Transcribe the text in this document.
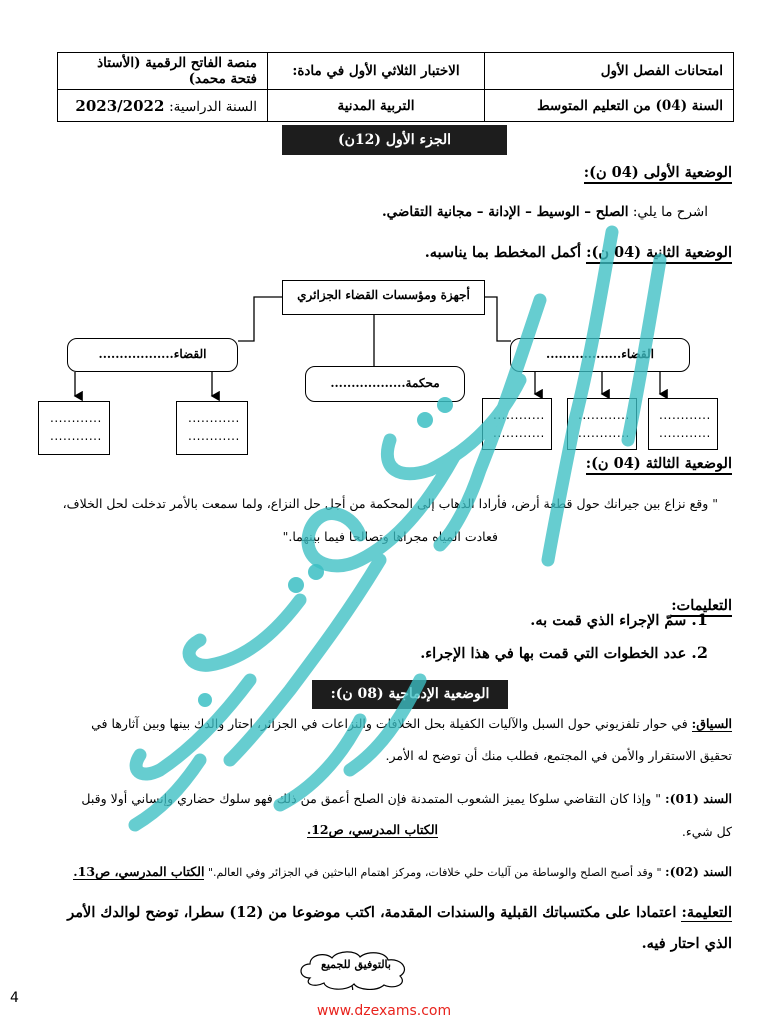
امتحانات الفصل الأول	الاختبار الثلاثي الأول في مادة:	منصة الفاتح الرقمية (الأستاذ فتحة محمد)
السنة (04) من التعليم المتوسط	التربية المدنية	السنة الدراسية: 2023/2022
الجزء الأول (12ن)
الوضعية الأولى (04 ن):
اشرح ما يلي: الصلح – الوسيط – الإدانة – مجانية التقاضي.
الوضعية الثانية (04 ن): أكمل المخطط بما يناسبه.
أجهزة ومؤسسات القضاء الجزائري
القضاء..................	القضاء..................
محكمة..................
............
............
............
............
............
............
............
............
............
............
الوضعية الثالثة (04 ن):
" وقع نزاع بين جيرانك حول قطعة أرض، فأرادا الذهاب إلى المحكمة من أجل حل النزاع، ولما سمعت بالأمر تدخلت لحل الخلاف،
فعادت المياه مجراها وتصالحا فيما بينهما."
التعليمات:
1. سمّ الإجراء الذي قمت به.
2. عدد الخطوات التي قمت بها في هذا الإجراء.
الوضعية الإدماجية (08 ن):
السياق: في حوار تلفزيوني حول السبل والآليات الكفيلة بحل الخلافات والنزاعات في الجزائر، احتار والدك بينها وبين آثارها في
تحقيق الاستقرار والأمن في المجتمع، فطلب منك أن توضح له الأمر.
السند (01): " وإذا كان التقاضي سلوكا يميز الشعوب المتمدنة فإن الصلح أعمق من ذلك فهو سلوك حضاري وإنساني أولا وقبل
كل شيء.
الكتاب المدرسي، ص12.
السند (02): " وقد أصبح الصلح والوساطة من آليات حلي خلافات، ومركز اهتمام الباحثين في الجزائر وفي العالم." الكتاب المدرسي، ص13.
التعليمة: اعتمادا على مكتسباتك القبلية والسندات المقدمة، اكتب موضوعا من (12) سطرا، توضح لوالدك الأمر
الذي احتار فيه.
بالتوفيق للجميع
4
www.dzexams.com
